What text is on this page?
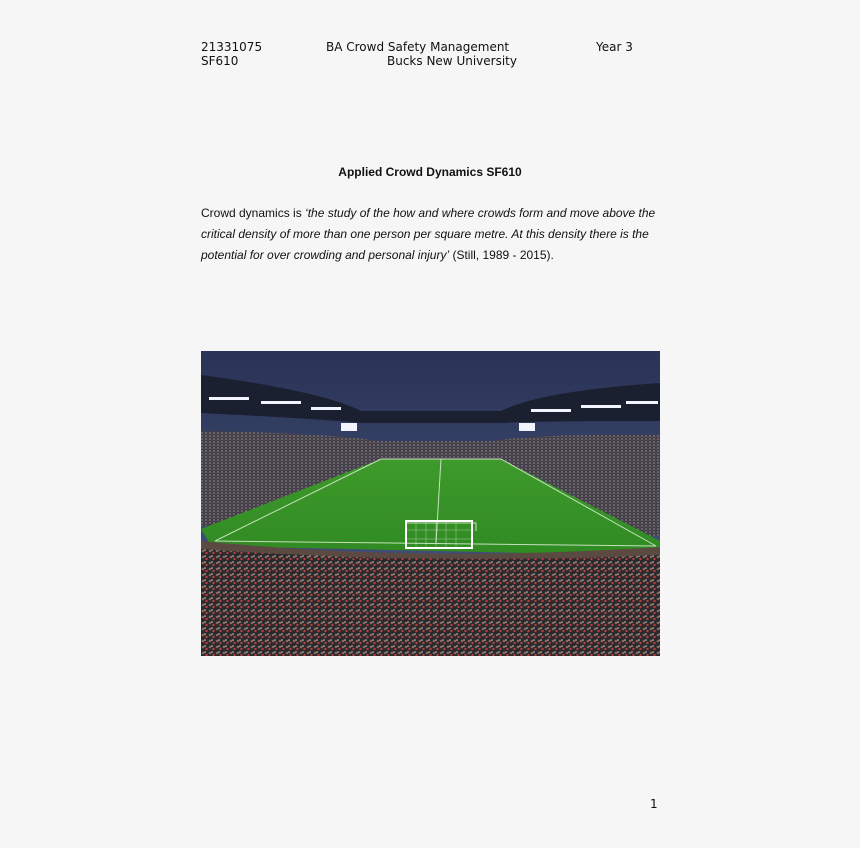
21331075	BA Crowd Safety Management	Year 3
SF610	Bucks New University
Applied Crowd Dynamics SF610
Crowd dynamics is ‘the study of the how and where crowds form and move above the critical density of more than one person per square metre. At this density there is the potential for over crowding and personal injury’ (Still, 1989 - 2015).
1
